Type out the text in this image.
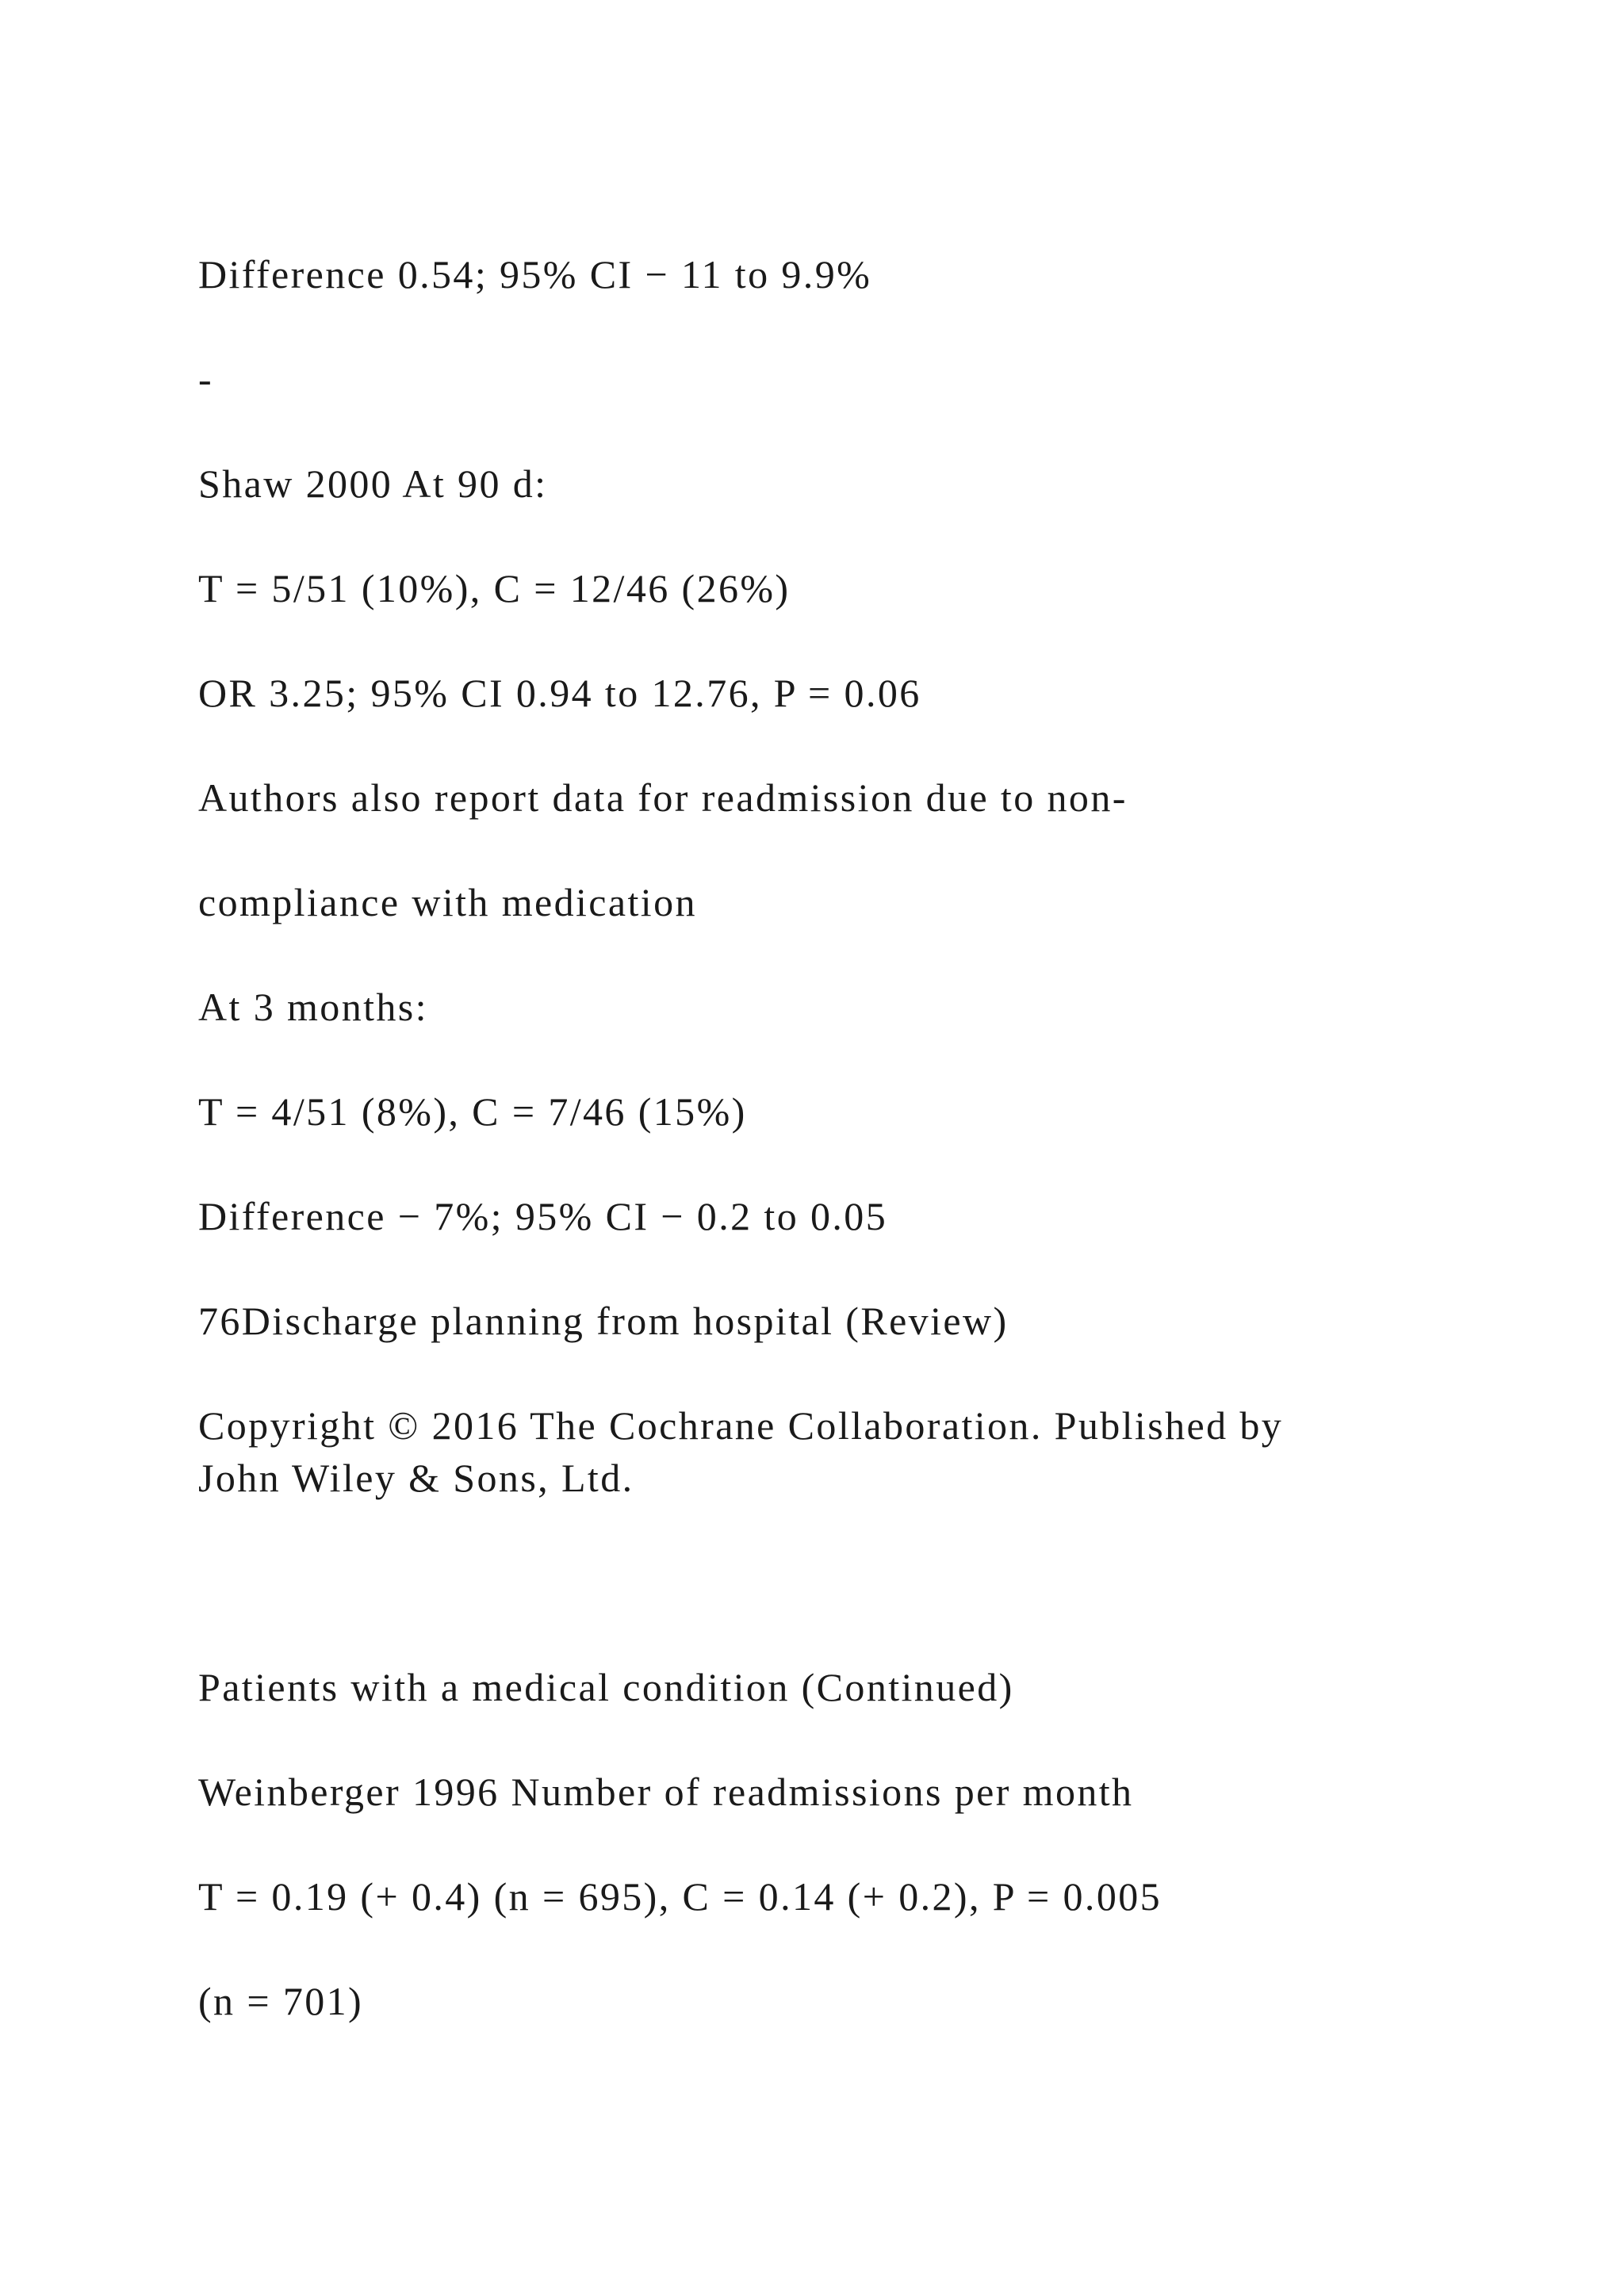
Difference 0.54; 95% CI − 11 to 9.9%

-

Shaw 2000 At 90 d:

T = 5/51 (10%), C = 12/46 (26%)

OR 3.25; 95% CI 0.94 to 12.76, P = 0.06

Authors also report data for readmission due to non-

compliance with medication

At 3 months:

T = 4/51 (8%), C = 7/46 (15%)

Difference − 7%; 95% CI − 0.2 to 0.05

76Discharge planning from hospital (Review)

Copyright © 2016 The Cochrane Collaboration. Published by

John Wiley & Sons, Ltd.

Patients with a medical condition (Continued)

Weinberger 1996 Number of readmissions per month

T = 0.19 (+ 0.4) (n = 695), C = 0.14 (+ 0.2), P = 0.005

(n = 701)
